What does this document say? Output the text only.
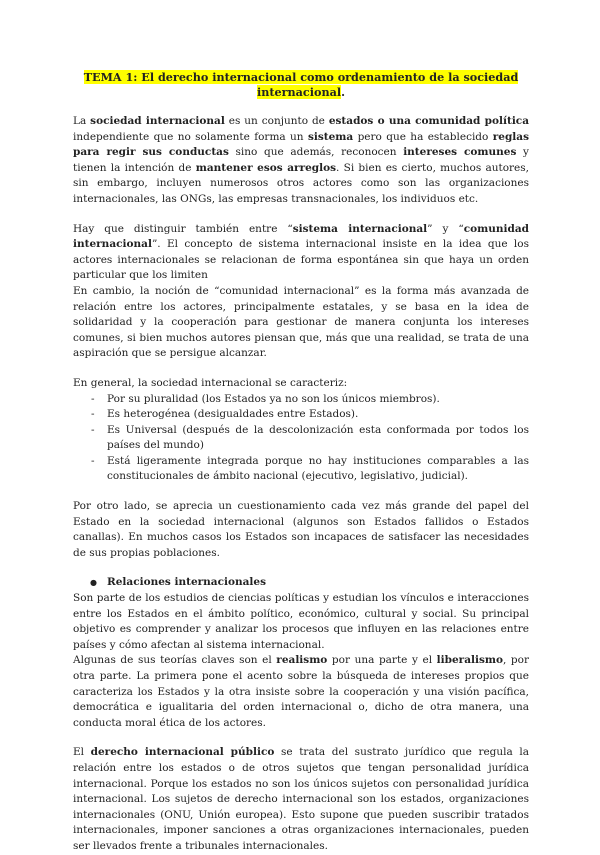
TEMA 1: El derecho internacional como ordenamiento de la sociedad internacional.

La sociedad internacional es un conjunto de estados o una comunidad política independiente que no solamente forma un sistema pero que ha establecido reglas para regir sus conductas sino que además, reconocen intereses comunes y tienen la intención de mantener esos arreglos. Si bien es cierto, muchos autores, sin embargo, incluyen numerosos otros actores como son las organizaciones internacionales, las ONGs, las empresas transnacionales, los individuos etc.

Hay que distinguir también entre “sistema internacional” y “comunidad internacional”. El concepto de sistema internacional insiste en la idea que los actores internacionales se relacionan de forma espontánea sin que haya un orden particular que los limiten

En cambio, la noción de “comunidad internacional” es la forma más avanzada de relación entre los actores, principalmente estatales, y se basa en la idea de solidaridad y la cooperación para gestionar de manera conjunta los intereses comunes, si bien muchos autores piensan que, más que una realidad, se trata de una aspiración que se persigue alcanzar.

En general, la sociedad internacional se caracteriz:

- Por su pluralidad (los Estados ya no son los únicos miembros).
- Es heterogénea (desigualdades entre Estados).
- Es Universal (después de la descolonización esta conformada por todos los países del mundo)
- Está ligeramente integrada porque no hay instituciones comparables a las constitucionales de ámbito nacional (ejecutivo, legislativo, judicial).

Por otro lado, se aprecia un cuestionamiento cada vez más grande del papel del Estado en la sociedad internacional (algunos son Estados fallidos o Estados canallas). En muchos casos los Estados son incapaces de satisfacer las necesidades de sus propias poblaciones.

● Relaciones internacionales

Son parte de los estudios de ciencias políticas y estudian los vínculos e interacciones entre los Estados en el ámbito político, económico, cultural y social. Su principal objetivo es comprender y analizar los procesos que influyen en las relaciones entre países y cómo afectan al sistema internacional.

Algunas de sus teorías claves son el realismo por una parte y el liberalismo, por otra parte. La primera pone el acento sobre la búsqueda de intereses propios que caracteriza los Estados y la otra insiste sobre la cooperación y una visión pacífica, democrática e igualitaria del orden internacional o, dicho de otra manera, una conducta moral ética de los actores.

El derecho internacional público se trata del sustrato jurídico que regula la relación entre los estados o de otros sujetos que tengan personalidad jurídica internacional. Porque los estados no son los únicos sujetos con personalidad jurídica internacional. Los sujetos de derecho internacional son los estados, organizaciones internacionales (ONU, Unión europea). Esto supone que pueden suscribir tratados internacionales, imponer sanciones a otras organizaciones internacionales, pueden ser llevados frente a tribunales internacionales.
